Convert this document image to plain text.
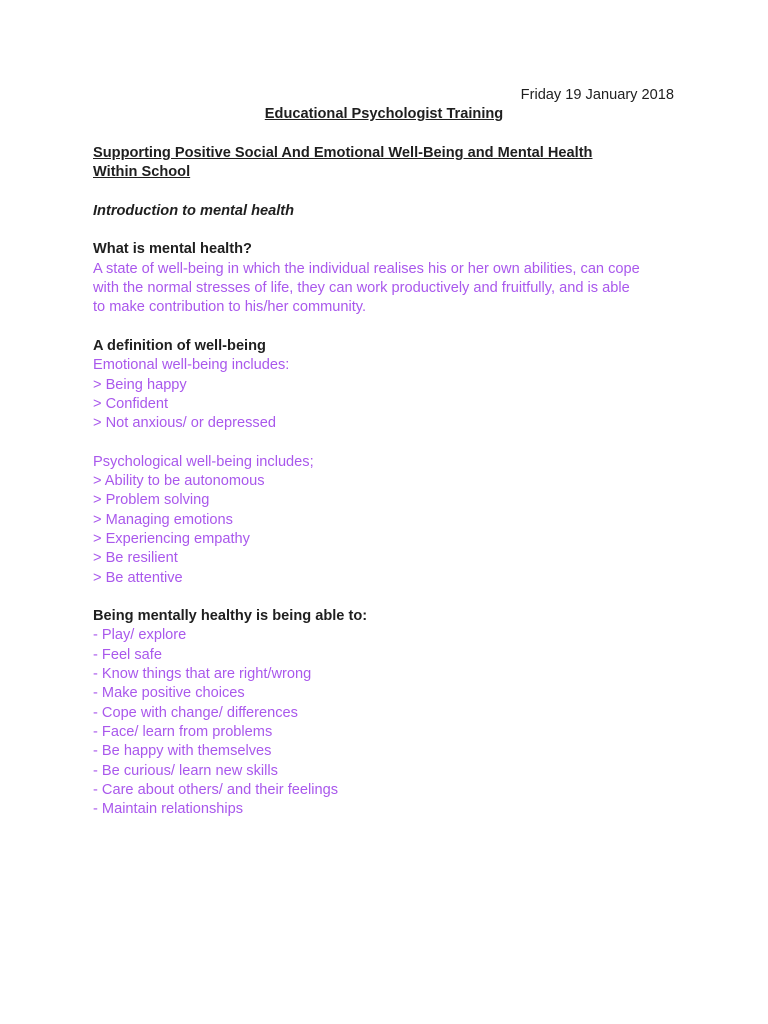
Friday 19 January 2018
Educational Psychologist Training

Supporting Positive Social And Emotional Well-Being and Mental Health
Within School

Introduction to mental health

What is mental health?

A state of well-being in which the individual realises his or her own abilities, can cope
with the normal stresses of life, they can work productively and fruitfully, and is able
to make contribution to his/her community.

A definition of well-being

Emotional well-being includes:
> Being happy
> Confident
> Not anxious/ or depressed

Psychological well-being includes;
> Ability to be autonomous
> Problem solving
> Managing emotions
> Experiencing empathy
> Be resilient
> Be attentive

Being mentally healthy is being able to:

- Play/ explore
- Feel safe
- Know things that are right/wrong
- Make positive choices
- Cope with change/ differences
- Face/ learn from problems
- Be happy with themselves
- Be curious/ learn new skills
- Care about others/ and their feelings
- Maintain relationships
